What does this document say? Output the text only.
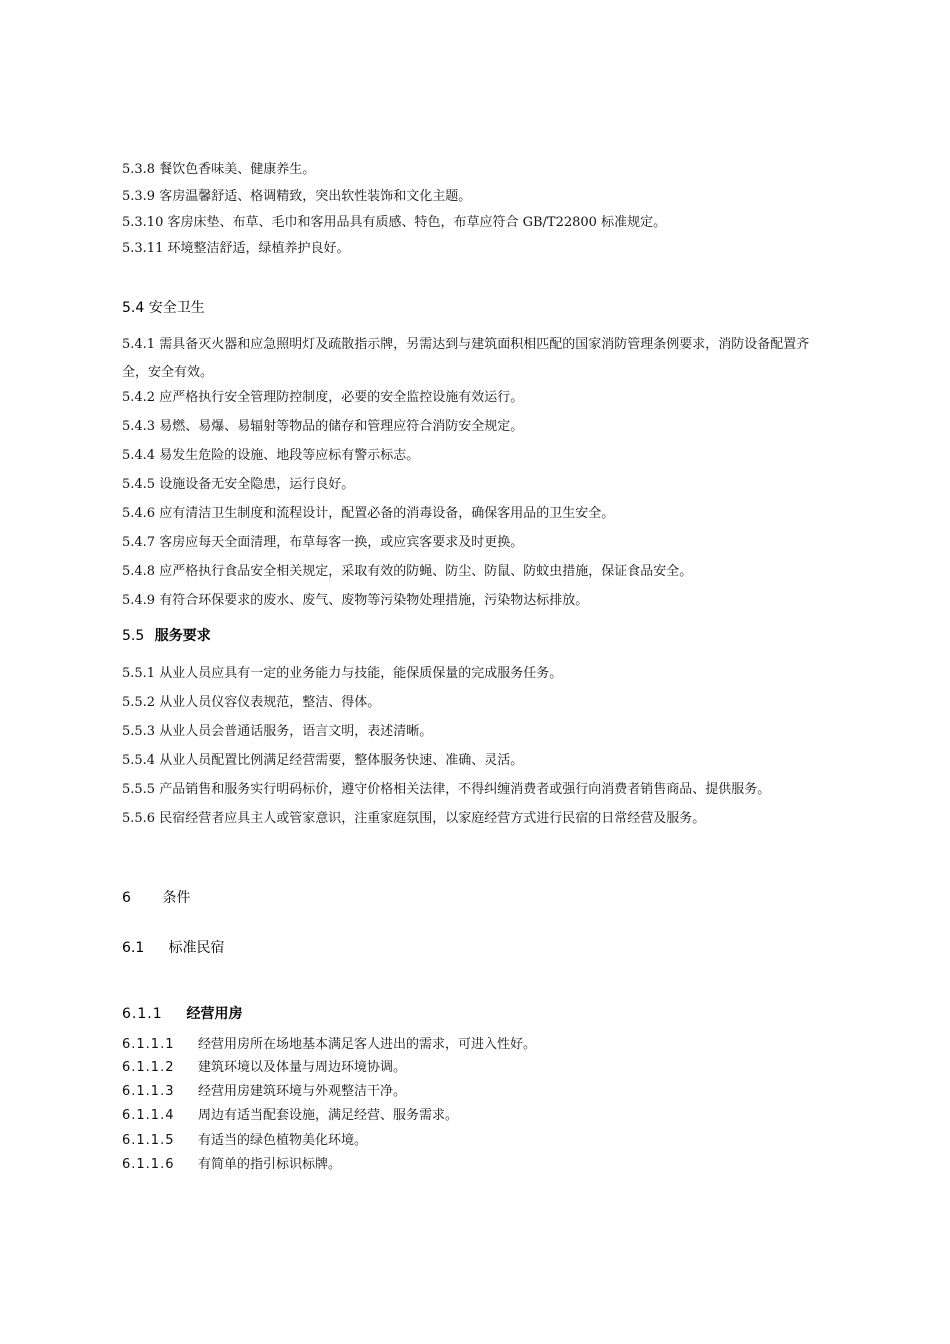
5.3.8 餐饮色香味美、健康养生。
5.3.9 客房温馨舒适、格调精致，突出软性装饰和文化主题。
5.3.10 客房床垫、布草、毛巾和客用品具有质感、特色，布草应符合 GB/T22800 标准规定。
5.3.11 环境整洁舒适，绿植养护良好。
5.4 安全卫生
5.4.1 需具备灭火器和应急照明灯及疏散指示牌，另需达到与建筑面积相匹配的国家消防管理条例要求，消防设备配置齐全，安全有效。
5.4.2 应严格执行安全管理防控制度，必要的安全监控设施有效运行。
5.4.3 易燃、易爆、易辐射等物品的储存和管理应符合消防安全规定。
5.4.4 易发生危险的设施、地段等应标有警示标志。
5.4.5 设施设备无安全隐患，运行良好。
5.4.6 应有清洁卫生制度和流程设计，配置必备的消毒设备，确保客用品的卫生安全。
5.4.7 客房应每天全面清理，布草每客一换，或应宾客要求及时更换。
5.4.8 应严格执行食品安全相关规定，采取有效的防蝇、防尘、防鼠、防蚊虫措施，保证食品安全。
5.4.9 有符合环保要求的废水、废气、废物等污染物处理措施，污染物达标排放。
5.5 服务要求
5.5.1 从业人员应具有一定的业务能力与技能，能保质保量的完成服务任务。
5.5.2 从业人员仪容仪表规范，整洁、得体。
5.5.3 从业人员会普通话服务，语言文明，表述清晰。
5.5.4 从业人员配置比例满足经营需要，整体服务快速、准确、灵活。
5.5.5 产品销售和服务实行明码标价，遵守价格相关法律，不得纠缠消费者或强行向消费者销售商品、提供服务。
5.5.6 民宿经营者应具主人或管家意识，注重家庭氛围，以家庭经营方式进行民宿的日常经营及服务。
6 条件
6.1 标准民宿
6.1.1 经营用房
6.1.1.1 经营用房所在场地基本满足客人进出的需求，可进入性好。
6.1.1.2 建筑环境以及体量与周边环境协调。
6.1.1.3 经营用房建筑环境与外观整洁干净。
6.1.1.4 周边有适当配套设施，满足经营、服务需求。
6.1.1.5 有适当的绿色植物美化环境。
6.1.1.6 有简单的指引标识标牌。
